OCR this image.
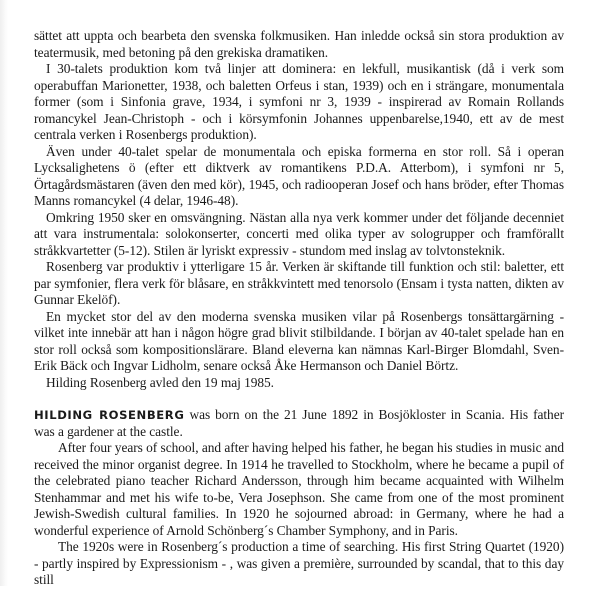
sättet att uppta och bearbeta den svenska folkmusiken. Han inledde också sin stora produktion av teatermusik, med betoning på den grekiska dramatiken.

I 30-talets produktion kom två linjer att dominera: en lekfull, musikantisk (då i verk som operabuffan Marionetter, 1938, och baletten Orfeus i stan, 1939) och en i strängare, monumentala former (som i Sinfonia grave, 1934, i symfoni nr 3, 1939 - inspirerad av Romain Rollands romancykel Jean-Christoph - och i körsymfonin Johannes uppenbarelse,1940, ett av de mest centrala verken i Rosenbergs produktion).

Även under 40-talet spelar de monumentala och episka formerna en stor roll. Så i operan Lycksalighetens ö (efter ett diktverk av romantikens P.D.A. Atterbom), i symfoni nr 5, Örtagårdsmästaren (även den med kör), 1945, och radiooperan Josef och hans bröder, efter Thomas Manns romancykel (4 delar, 1946-48).

Omkring 1950 sker en omsvängning. Nästan alla nya verk kommer under det följande decenniet att vara instrumentala: solokonserter, concerti med olika typer av sologrupper och framförallt stråkkvartetter (5-12). Stilen är lyriskt expressiv - stundom med inslag av tolvtonsteknik.

Rosenberg var produktiv i ytterligare 15 år. Verken är skiftande till funktion och stil: baletter, ett par symfonier, flera verk för blåsare, en stråkkvintett med tenorsolo (Ensam i tysta natten, dikten av Gunnar Ekelöf).

En mycket stor del av den moderna svenska musiken vilar på Rosenbergs tonsättargärning - vilket inte innebär att han i någon högre grad blivit stilbildande. I början av 40-talet spelade han en stor roll också som kompositionslärare. Bland eleverna kan nämnas Karl-Birger Blomdahl, Sven-Erik Bäck och Ingvar Lidholm, senare också Åke Hermanson och Daniel Börtz.

Hilding Rosenberg avled den 19 maj 1985.

HILDING ROSENBERG was born on the 21 June 1892 in Bosjökloster in Scania. His father was a gardener at the castle.

After four years of school, and after having helped his father, he began his studies in music and received the minor organist degree. In 1914 he travelled to Stockholm, where he became a pupil of the celebrated piano teacher Richard Andersson, through him became acquainted with Wilhelm Stenhammar and met his wife to-be, Vera Josephson. She came from one of the most prominent Jewish-Swedish cultural families. In 1920 he sojourned abroad: in Germany, where he had a wonderful experience of Arnold Schönberg´s Chamber Symphony, and in Paris.

The 1920s were in Rosenberg´s production a time of searching. His first String Quartet (1920) - partly inspired by Expressionism - , was given a première, surrounded by scandal, that to this day still
